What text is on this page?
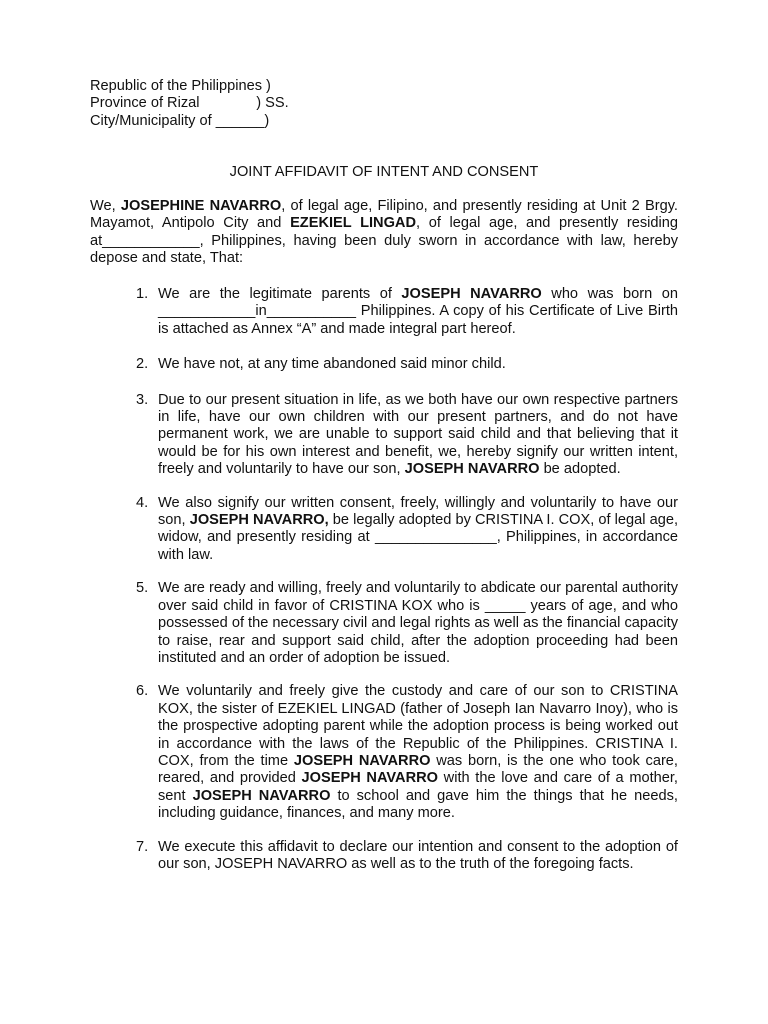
Republic of the Philippines )
Province of Rizal              ) SS.
City/Municipality of ______)
JOINT AFFIDAVIT OF INTENT AND CONSENT

We, JOSEPHINE NAVARRO, of legal age, Filipino, and presently residing at Unit 2 Brgy. Mayamot, Antipolo City and EZEKIEL LINGAD, of legal age, and presently residing at____________, Philippines, having been duly sworn in accordance with law, hereby depose and state, That:

1. We are the legitimate parents of JOSEPH NAVARRO who was born on ____________in___________ Philippines. A copy of his Certificate of Live Birth is attached as Annex “A” and made integral part hereof.
2. We have not, at any time abandoned said minor child.
3. Due to our present situation in life, as we both have our own respective partners in life, have our own children with our present partners, and do not have permanent work, we are unable to support said child and that believing that it would be for his own interest and benefit, we, hereby signify our written intent, freely and voluntarily to have our son, JOSEPH NAVARRO be adopted.
4. We also signify our written consent, freely, willingly and voluntarily to have our son, JOSEPH NAVARRO, be legally adopted by CRISTINA I. COX, of legal age, widow, and presently residing at _______________, Philippines, in accordance with law.
5. We are ready and willing, freely and voluntarily to abdicate our parental authority over said child in favor of CRISTINA KOX who is _____ years of age, and who possessed of the necessary civil and legal rights as well as the financial capacity to raise, rear and support said child, after the adoption proceeding had been instituted and an order of adoption be issued.
6. We voluntarily and freely give the custody and care of our son to CRISTINA KOX, the sister of EZEKIEL LINGAD (father of Joseph Ian Navarro Inoy), who is the prospective adopting parent while the adoption process is being worked out in accordance with the laws of the Republic of the Philippines. CRISTINA I. COX, from the time JOSEPH NAVARRO was born, is the one who took care, reared, and provided JOSEPH NAVARRO with the love and care of a mother, sent JOSEPH NAVARRO to school and gave him the things that he needs, including guidance, finances, and many more.
7. We execute this affidavit to declare our intention and consent to the adoption of our son, JOSEPH NAVARRO as well as to the truth of the foregoing facts.
